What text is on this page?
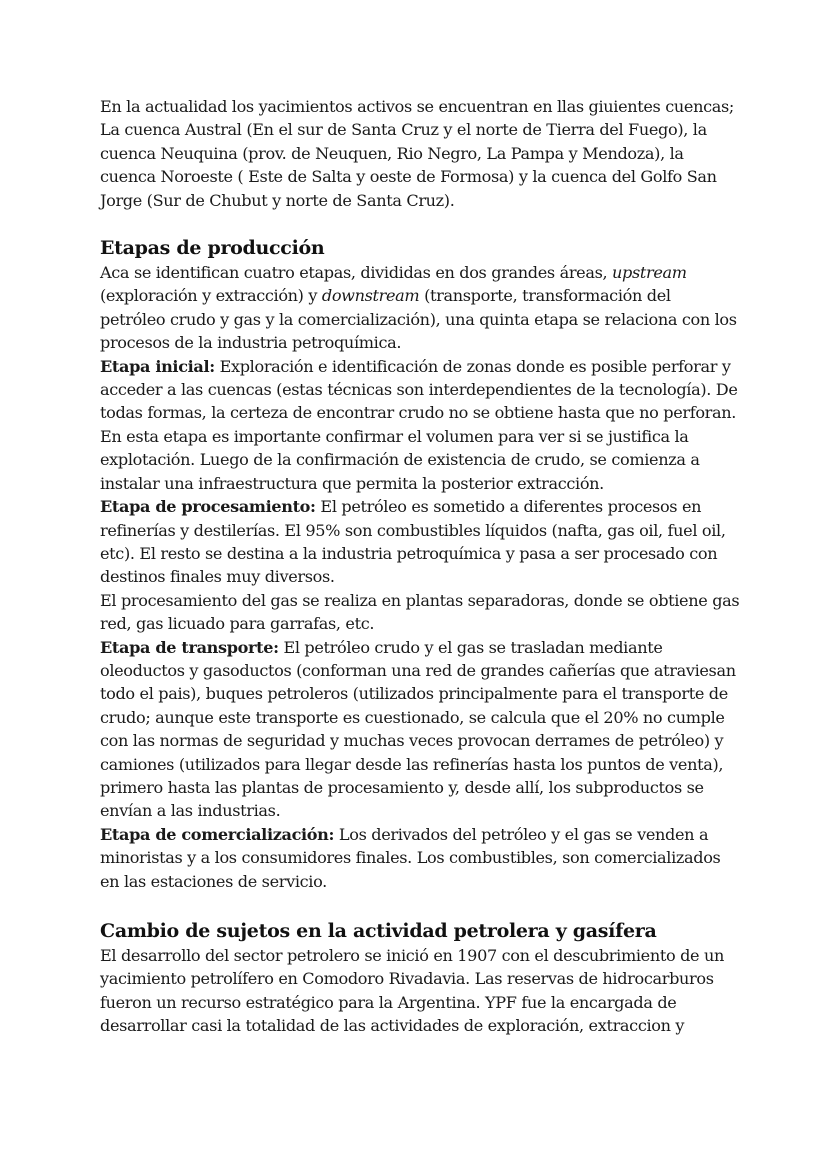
En la actualidad los yacimientos activos se encuentran en llas giuientes cuencas; La cuenca Austral (En el sur de Santa Cruz y el norte de Tierra del Fuego), la cuenca Neuquina (prov. de Neuquen, Rio Negro, La Pampa y Mendoza), la cuenca Noroeste ( Este de Salta y oeste de Formosa) y la cuenca del Golfo San Jorge (Sur de Chubut y norte de Santa Cruz).

Etapas de producción

Aca se identifican cuatro etapas, divididas en dos grandes áreas, upstream (exploración y extracción) y downstream (transporte, transformación del petróleo crudo y gas y la comercialización), una quinta etapa se relaciona con los procesos de la industria petroquímica.

Etapa inicial: Exploración e identificación de zonas donde es posible perforar y acceder a las cuencas (estas técnicas son interdependientes de la tecnología). De todas formas, la certeza de encontrar crudo no se obtiene hasta que no perforan.

En esta etapa es importante confirmar el volumen para ver si se justifica la explotación. Luego de la confirmación de existencia de crudo, se comienza a instalar una infraestructura que permita la posterior extracción.

Etapa de procesamiento: El petróleo es sometido a diferentes procesos en refinerías y destilerías. El 95% son combustibles líquidos (nafta, gas oil, fuel oil, etc). El resto se destina a la industria petroquímica y pasa a ser procesado con destinos finales muy diversos.

El procesamiento del gas se realiza en plantas separadoras, donde se obtiene gas red, gas licuado para garrafas, etc.

Etapa de transporte: El petróleo crudo y el gas se trasladan mediante oleoductos y gasoductos (conforman una red de grandes cañerías que atraviesan todo el pais), buques petroleros (utilizados principalmente para el transporte de crudo; aunque este transporte es cuestionado, se calcula que el 20% no cumple con las normas de seguridad y muchas veces provocan derrames de petróleo) y camiones (utilizados para llegar desde las refinerías hasta los puntos de venta), primero hasta las plantas de procesamiento y, desde allí, los subproductos se envían a las industrias.

Etapa de comercialización: Los derivados del petróleo y el gas se venden a minoristas y a los consumidores finales. Los combustibles, son comercializados en las estaciones de servicio.

Cambio de sujetos en la actividad petrolera y gasífera

El desarrollo del sector petrolero se inició en 1907 con el descubrimiento de un yacimiento petrolífero en Comodoro Rivadavia. Las reservas de hidrocarburos fueron un recurso estratégico para la Argentina. YPF fue la encargada de desarrollar casi la totalidad de las actividades de exploración, extraccion y
